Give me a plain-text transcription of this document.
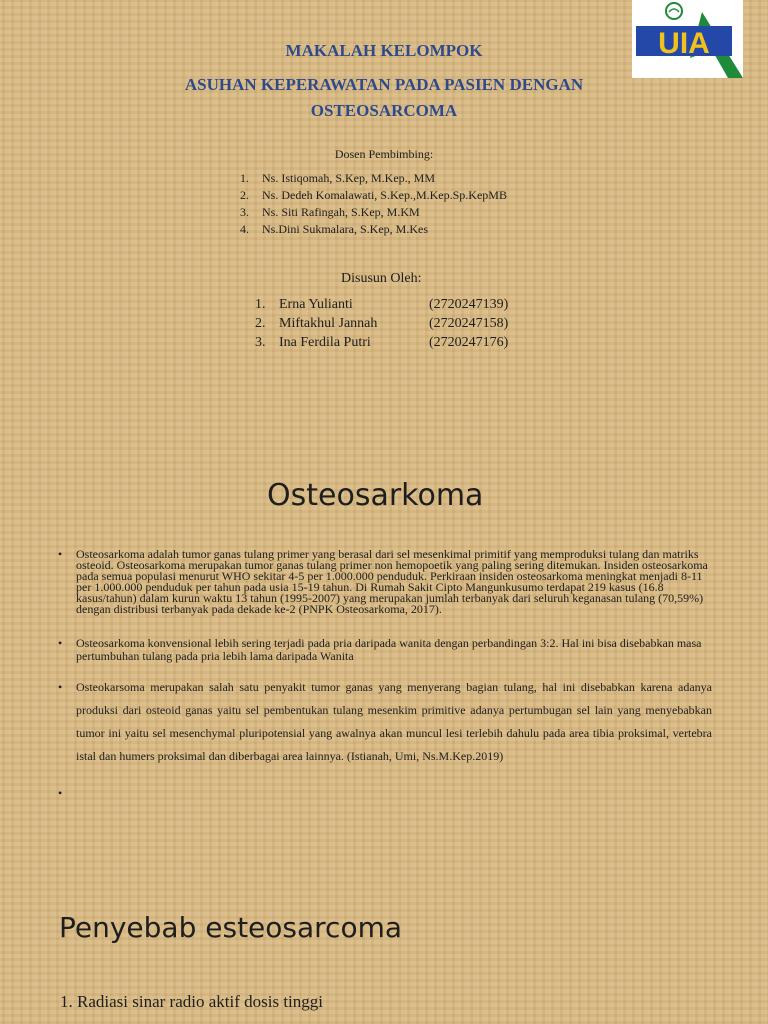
UIA
MAKALAH KELOMPOK
ASUHAN KEPERAWATAN PADA PASIEN DENGAN
OSTEOSARCOMA
Dosen Pembimbing:
1. Ns. Istiqomah, S.Kep, M.Kep., MM
2. Ns. Dedeh Komalawati, S.Kep.,M.Kep.Sp.KepMB
3. Ns. Siti Rafingah, S.Kep, M.KM
4. Ns.Dini Sukmalara, S.Kep, M.Kes
Disusun Oleh:
1. Erna Yulianti	(2720247139)
2. Miftakhul Jannah	(2720247158)
3. Ina Ferdila Putri	(2720247176)
Osteosarkoma
• Osteosarkoma adalah tumor ganas tulang primer yang berasal dari sel mesenkimal primitif yang memproduksi tulang dan matriks osteoid. Osteosarkoma merupakan tumor ganas tulang primer non hemopoetik yang paling sering ditemukan. Insiden osteosarkoma pada semua populasi menurut WHO sekitar 4-5 per 1.000.000 penduduk. Perkiraan insiden osteosarkoma meningkat menjadi 8-11 per 1.000.000 penduduk per tahun pada usia 15-19 tahun. Di Rumah Sakit Cipto Mangunkusumo terdapat 219 kasus (16.8 kasus/tahun) dalam kurun waktu 13 tahun (1995-2007) yang merupakan jumlah terbanyak dari seluruh keganasan tulang (70,59%) dengan distribusi terbanyak pada dekade ke-2 (PNPK Osteosarkoma, 2017).
• Osteosarkoma konvensional lebih sering terjadi pada pria daripada wanita dengan perbandingan 3:2. Hal ini bisa disebabkan masa pertumbuhan tulang pada pria lebih lama daripada Wanita
• Osteokarsoma merupakan salah satu penyakit tumor ganas yang menyerang bagian tulang, hal ini disebabkan karena adanya produksi dari osteoid ganas yaitu sel pembentukan tulang mesenkim primitive adanya pertumbugan sel lain yang menyebabkan tumor ini yaitu sel mesenchymal pluripotensial yang awalnya akan muncul lesi terlebih dahulu pada area tibia proksimal, vertebra istal dan humers proksimal dan diberbagai area lainnya. (Istianah, Umi, Ns.M.Kep.2019)
•
Penyebab esteosarcoma
1. Radiasi sinar radio aktif dosis tinggi
